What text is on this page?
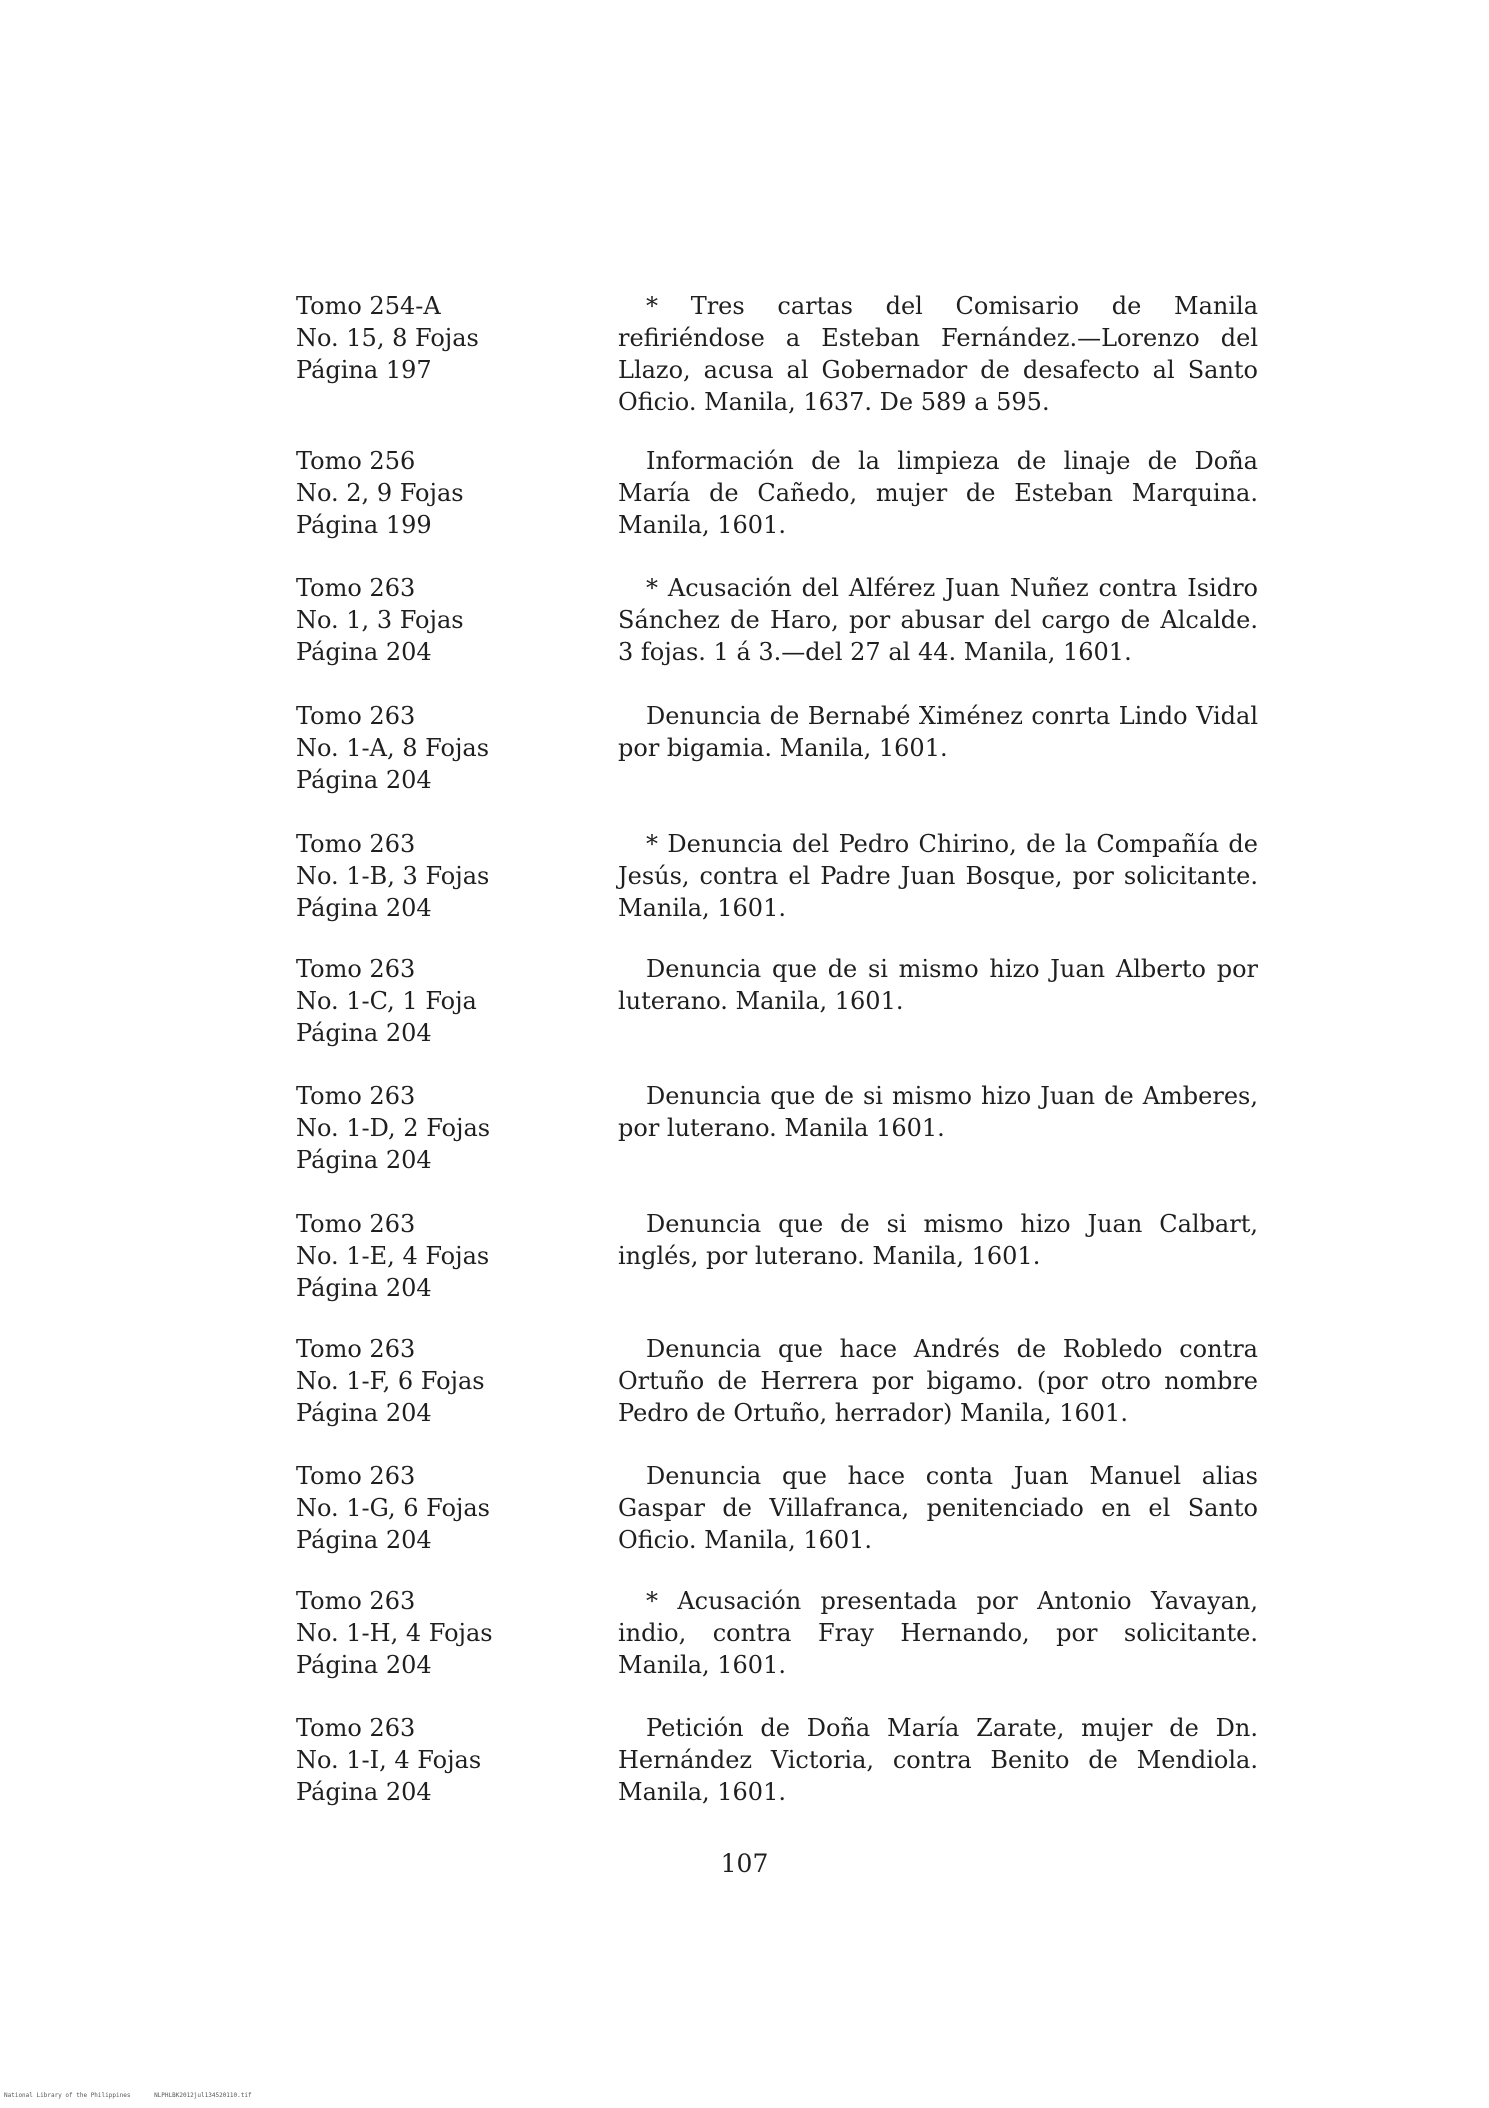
Tomo 254-A
No. 15, 8 Fojas
Página 197
* Tres cartas del Comisario de Manila refiriéndose a Esteban Fernández.—Lorenzo del Llazo, acusa al Gobernador de desafecto al Santo Oficio. Manila, 1637. De 589 a 595.
Tomo 256
No. 2, 9 Fojas
Página 199
Información de la limpieza de linaje de Doña María de Cañedo, mujer de Esteban Marquina. Manila, 1601.
Tomo 263
No. 1, 3 Fojas
Página 204
* Acusación del Alférez Juan Nuñez contra Isidro Sánchez de Haro, por abusar del cargo de Alcalde. 3 fojas. 1 á 3.—del 27 al 44. Manila, 1601.
Tomo 263
No. 1-A, 8 Fojas
Página 204
Denuncia de Bernabé Ximénez conrta Lindo Vidal por bigamia. Manila, 1601.
Tomo 263
No. 1-B, 3 Fojas
Página 204
* Denuncia del Pedro Chirino, de la Compañía de Jesús, contra el Padre Juan Bosque, por solicitante. Manila, 1601.
Tomo 263
No. 1-C, 1 Foja
Página 204
Denuncia que de si mismo hizo Juan Alberto por luterano. Manila, 1601.
Tomo 263
No. 1-D, 2 Fojas
Página 204
Denuncia que de si mismo hizo Juan de Amberes, por luterano. Manila 1601.
Tomo 263
No. 1-E, 4 Fojas
Página 204
Denuncia que de si mismo hizo Juan Calbart, inglés, por luterano. Manila, 1601.
Tomo 263
No. 1-F, 6 Fojas
Página 204
Denuncia que hace Andrés de Robledo contra Ortuño de Herrera por bigamo. (por otro nombre Pedro de Ortuño, herrador) Manila, 1601.
Tomo 263
No. 1-G, 6 Fojas
Página 204
Denuncia que hace conta Juan Manuel alias Gaspar de Villafranca, penitenciado en el Santo Oficio. Manila, 1601.
Tomo 263
No. 1-H, 4 Fojas
Página 204
* Acusación presentada por Antonio Yavayan, indio, contra Fray Hernando, por solicitante. Manila, 1601.
Tomo 263
No. 1-I, 4 Fojas
Página 204
Petición de Doña María Zarate, mujer de Dn. Hernández Victoria, contra Benito de Mendiola. Manila, 1601.
107
National Library of the Philippines	NLPHLBK2012jul134520110.tif
